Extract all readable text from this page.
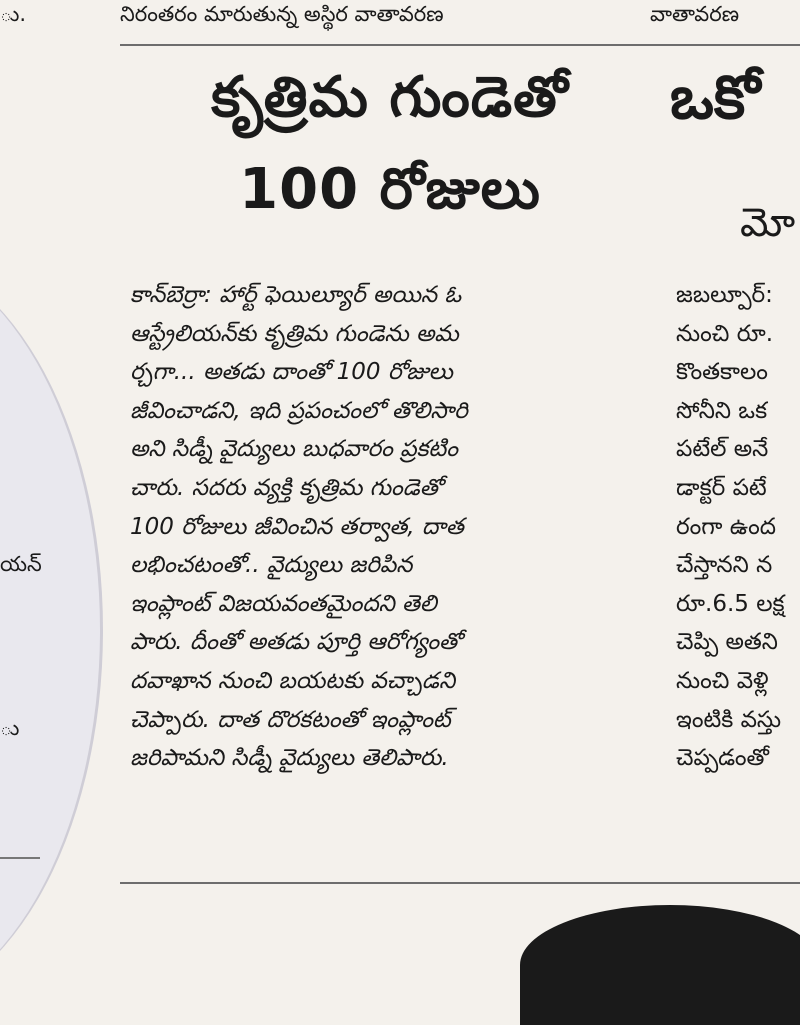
ు.
యన్
ు
నిరంతరం మారుతున్న అస్థిర వాతావరణ	వాతావరణ
కృత్రిమ గుండెతో
100 రోజులు
కాన్‌బెర్రా: హార్ట్ ఫెయిల్యూర్ అయిన ఓ
ఆస్ట్రేలియన్‌కు కృత్రిమ గుండెను అమ
ర్చగా... అతడు దాంతో 100 రోజులు
జీవించాడని, ఇది ప్రపంచంలో తొలిసారి
అని సిడ్నీ వైద్యులు బుధవారం ప్రకటిం
చారు. సదరు వ్యక్తి కృత్రిమ గుండెతో
100 రోజులు జీవించిన తర్వాత, దాత
లభించటంతో.. వైద్యులు జరిపిన
ఇంప్లాంట్ విజయవంతమైందని తెలి
పారు. దీంతో అతడు పూర్తి ఆరోగ్యంతో
దవాఖాన నుంచి బయటకు వచ్చాడని
చెప్పారు. దాత దొరకటంతో ఇంప్లాంట్
జరిపామని సిడ్నీ వైద్యులు తెలిపారు.
ఒకో
మో
జబల్పూర్:
నుంచి రూ.
కొంతకాలం
సోనీని ఒక
పటేల్ అనే
డాక్టర్ పటే
రంగా ఉంద
చేస్తానని న
రూ.6.5 లక్ష
చెప్పి అతని
నుంచి వెళ్లి
ఇంటికి వస్తు
చెప్పడంతో
